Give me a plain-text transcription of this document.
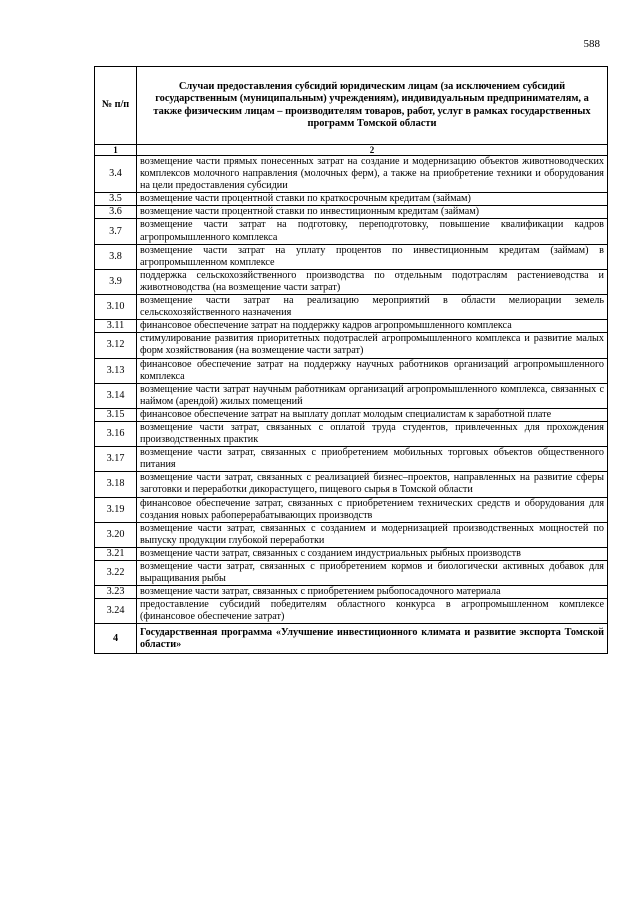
588
№ п/п	Случаи предоставления субсидий юридическим лицам (за исключением субсидий государственным (муниципальным) учреждениям), индивидуальным предпринимателям, а также физическим лицам – производителям товаров, работ, услуг в рамках государственных программ Томской области
1	2
3.4	возмещение части прямых понесенных затрат на создание и модернизацию объектов животноводческих комплексов молочного направления (молочных ферм), а также на приобретение техники и оборудования на цели предоставления субсидии
3.5	возмещение части процентной ставки по краткосрочным кредитам (займам)
3.6	возмещение части процентной ставки по инвестиционным кредитам (займам)
3.7	возмещение части затрат на подготовку, переподготовку, повышение квалификации кадров агропромышленного комплекса
3.8	возмещение части затрат на уплату процентов по инвестиционным кредитам (займам) в агропромышленном комплексе
3.9	поддержка сельскохозяйственного производства по отдельным подотраслям растениеводства и животноводства (на возмещение части затрат)
3.10	возмещение части затрат на реализацию мероприятий в области мелиорации земель сельскохозяйственного назначения
3.11	финансовое обеспечение затрат на поддержку кадров агропромышленного комплекса
3.12	стимулирование развития приоритетных подотраслей агропромышленного комплекса и развитие малых форм хозяйствования (на возмещение части затрат)
3.13	финансовое обеспечение затрат на поддержку научных работников организаций агропромышленного комплекса
3.14	возмещение части затрат научным работникам организаций агропромышленного комплекса, связанных с наймом (арендой) жилых помещений
3.15	финансовое обеспечение затрат на выплату доплат молодым специалистам к заработной плате
3.16	возмещение части затрат, связанных с оплатой труда студентов, привлеченных для прохождения производственных практик
3.17	возмещение части затрат, связанных с приобретением мобильных торговых объектов общественного питания
3.18	возмещение части затрат, связанных с реализацией бизнес–проектов, направленных на развитие сферы заготовки и переработки дикорастущего, пищевого сырья в Томской области
3.19	финансовое обеспечение затрат, связанных с приобретением технических средств и оборудования для создания новых рабоперерабатывающих производств
3.20	возмещение части затрат, связанных с созданием и модернизацией производственных мощностей по выпуску продукции глубокой переработки
3.21	возмещение части затрат, связанных с созданием индустриальных рыбных производств
3.22	возмещение части затрат, связанных с приобретением кормов и биологически активных добавок для выращивания рыбы
3.23	возмещение части затрат, связанных с приобретением рыбопосадочного материала
3.24	предоставление субсидий победителям областного конкурса в агропромышленном комплексе (финансовое обеспечение затрат)
4	Государственная программа «Улучшение инвестиционного климата и развитие экспорта Томской области»
